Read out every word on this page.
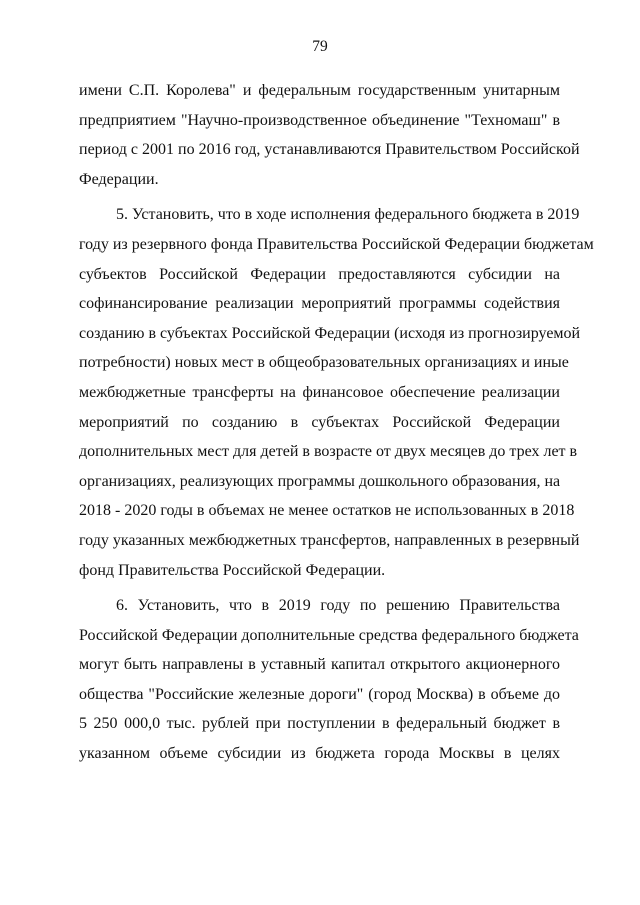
79
имени С.П. Королева" и федеральным государственным унитарным
предприятием "Научно-производственное объединение "Техномаш" в
период с 2001 по 2016 год, устанавливаются Правительством Российской
Федерации.
5. Установить, что в ходе исполнения федерального бюджета в 2019
году из резервного фонда Правительства Российской Федерации бюджетам
субъектов Российской Федерации предоставляются субсидии на
софинансирование реализации мероприятий программы содействия
созданию в субъектах Российской Федерации (исходя из прогнозируемой
потребности) новых мест в общеобразовательных организациях и иные
межбюджетные трансферты на финансовое обеспечение реализации
мероприятий по созданию в субъектах Российской Федерации
дополнительных мест для детей в возрасте от двух месяцев до трех лет в
организациях, реализующих программы дошкольного образования, на
2018 - 2020 годы в объемах не менее остатков не использованных в 2018
году указанных межбюджетных трансфертов, направленных в резервный
фонд Правительства Российской Федерации.
6. Установить, что в 2019 году по решению Правительства
Российской Федерации дополнительные средства федерального бюджета
могут быть направлены в уставный капитал открытого акционерного
общества "Российские железные дороги" (город Москва) в объеме до
5 250 000,0 тыс. рублей при поступлении в федеральный бюджет в
указанном объеме субсидии из бюджета города Москвы в целях
